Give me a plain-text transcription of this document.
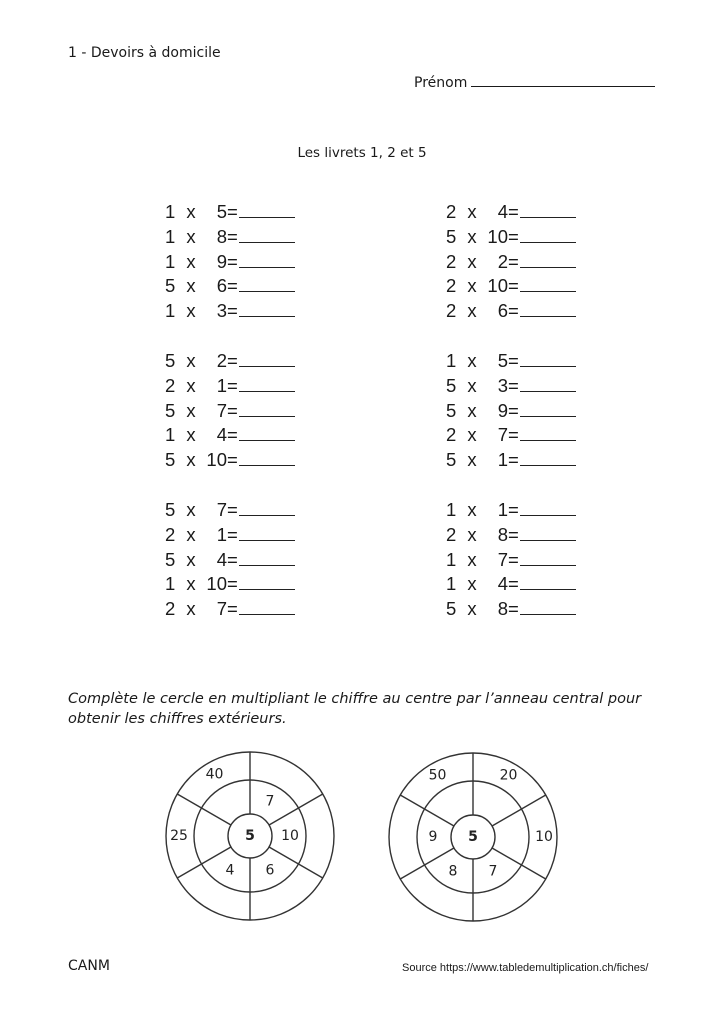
1 - Devoirs à domicile
Prénom
Les livrets 1, 2 et 5
1 x	5 =
1 x	8 =
1 x	9 =
5 x	6 =
1 x	3 =
5 x	2 =
2 x	1 =
5 x	7 =
1 x	4 =
5 x 10 =
5 x	7 =
2 x	1 =
5 x	4 =
1 x 10 =
2 x	7 =
2 x	4 =
5 x 10 =
2 x	2 =
2 x 10 =
2 x	6 =
1 x	5 =
5 x	3 =
5 x	9 =
2 x	7 =
5 x	1 =
1 x	1 =
2 x	8 =
1 x	7 =
1 x	4 =
5 x	8 =
Complète le cercle en multipliant le chiffre au centre par l’anneau central pour obtenir les chiffres extérieurs.
5
7
10
6
4
25
40
5
20
10
7
8
9
50
CANM	Source https://www.tabledemultiplication.ch/fiches/
